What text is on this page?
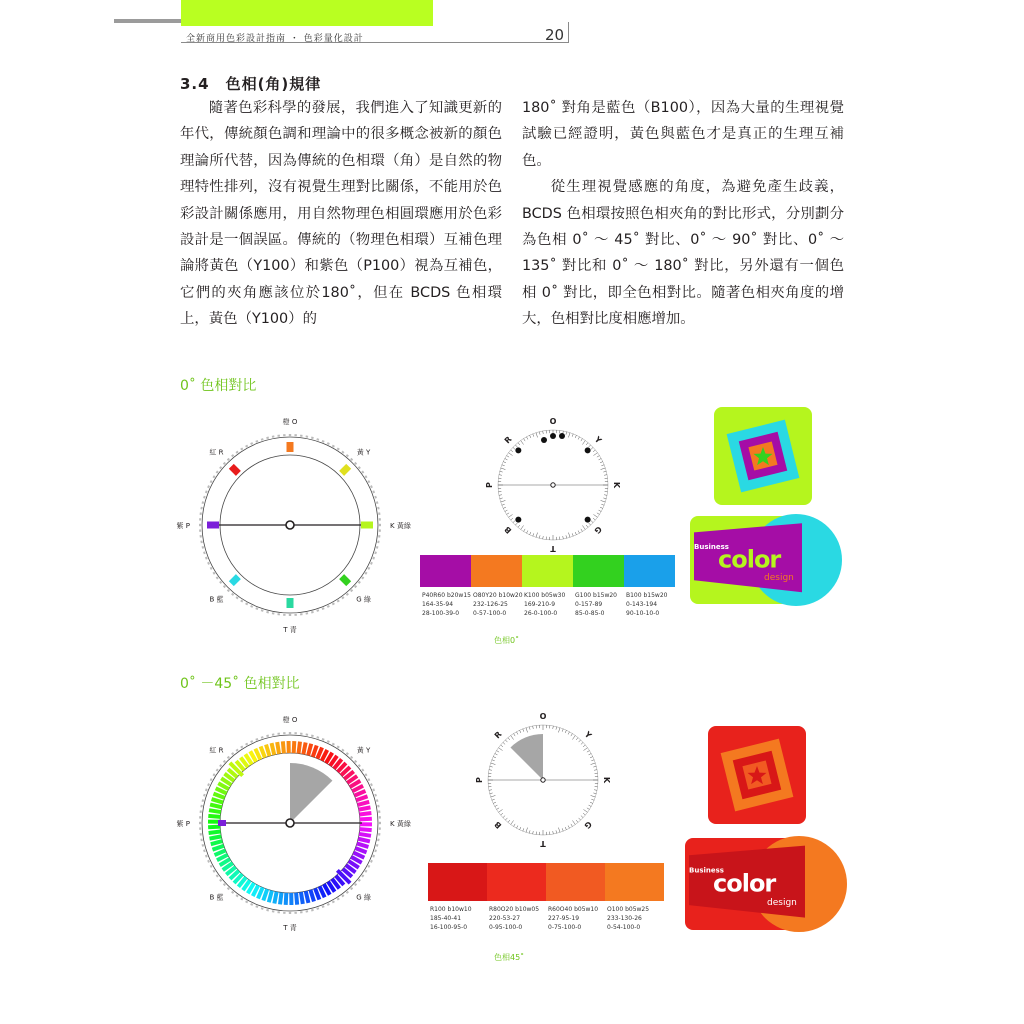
全新商用色彩設計指南 ・ 色彩量化設計	20
3.4　色相(角)規律

隨著色彩科學的發展，我們進入了知識更新的年代，傳統顏色調和理論中的很多概念被新的顏色理論所代替，因為傳統的色相環（角）是自然的物理特性排列，沒有視覺生理對比關係，不能用於色彩設計關係應用，用自然物理色相圓環應用於色彩設計是一個誤區。傳統的（物理色相環）互補色理論將黃色（Y100）和紫色（P100）視為互補色，它們的夾角應該位於180˚，但在 BCDS 色相環上，黃色（Y100）的

180˚ 對角是藍色（B100），因為大量的生理視覺試驗已經證明，黃色與藍色才是真正的生理互補色。

從生理視覺感應的角度，為避免產生歧義，BCDS 色相環按照色相夾角的對比形式，分別劃分為色相 0˚ ～ 45˚ 對比、0˚ ～ 90˚ 對比、0˚ ～ 135˚ 對比和 0˚ ～ 180˚ 對比，另外還有一個色相 0˚ 對比，即全色相對比。隨著色相夾角度的增大，色相對比度相應增加。

0˚ 色相對比
0˚ －45˚ 色相對比
色相0˚
色相45˚
橙 O
黃 Y
K 黃綠
G 綠
T 青
B 藍
紫 P
紅 R
O
Y
K
G
T
B
P
R
P40R60 b20w15
164-35-94
28-100-39-0
O80Y20 b10w20
232-126-25
0-57-100-0
K100 b05w30
169-210-9
26-0-100-0
G100 b15w20
0-157-89
85-0-85-0
B100 b15w20
0-143-194
90-10-10-0
Business
color
design
橙 O
黃 Y
K 黃綠
G 綠
T 青
B 藍
紫 P
紅 R
O
Y
K
G
T
B
P
R
R100 b10w10
185-40-41
16-100-95-0
R80O20 b10w05
220-53-27
0-95-100-0
R60O40 b05w10
227-95-19
0-75-100-0
O100 b05w25
233-130-26
0-54-100-0
Business
color
design
